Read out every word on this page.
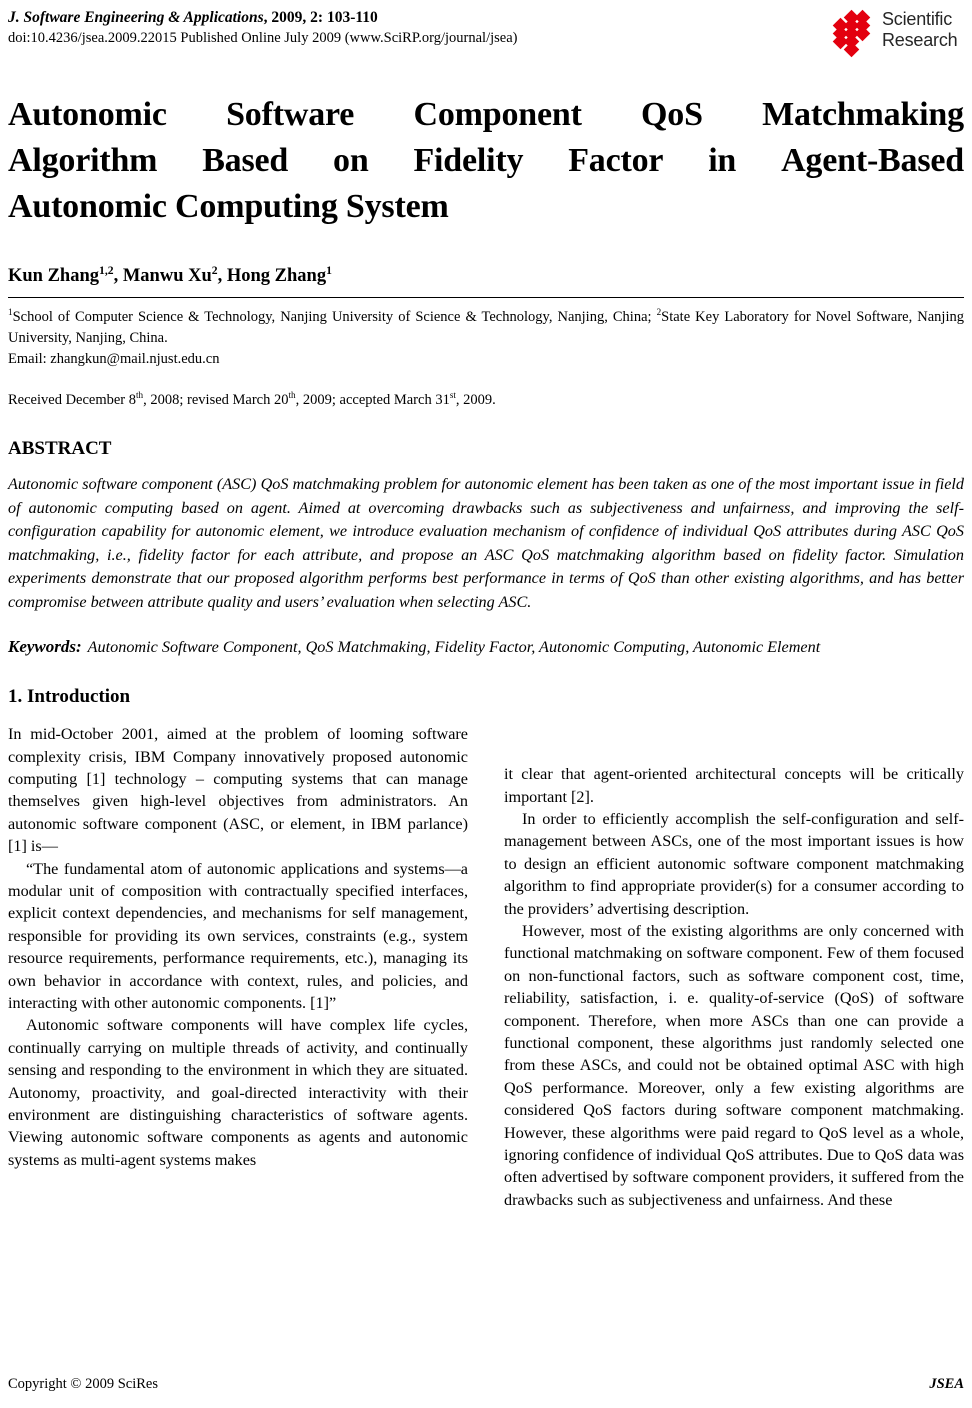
J. Software Engineering & Applications, 2009, 2: 103-110
doi:10.4236/jsea.2009.22015 Published Online July 2009 (www.SciRP.org/journal/jsea)
Scientific
Research
Autonomic Software Component QoS Matchmaking
Algorithm Based on Fidelity Factor in Agent-Based
Autonomic Computing System
Kun Zhang$^{1,2}$, Manwu Xu$^2$, Hong Zhang$^1$
$^1$School of Computer Science & Technology, Nanjing University of Science & Technology, Nanjing, China; $^2$State Key Laboratory for Novel Software, Nanjing University, Nanjing, China.
Email: zhangkun@mail.njust.edu.cn
Received December 8th, 2008; revised March 20th, 2009; accepted March 31st, 2009.
ABSTRACT
Autonomic software component (ASC) QoS matchmaking problem for autonomic element has been taken as one of the most important issue in field of autonomic computing based on agent. Aimed at overcoming drawbacks such as subjectiveness and unfairness, and improving the self-configuration capability for autonomic element, we introduce evaluation mechanism of confidence of individual QoS attributes during ASC QoS matchmaking, i.e., fidelity factor for each attribute, and propose an ASC QoS matchmaking algorithm based on fidelity factor. Simulation experiments demonstrate that our proposed algorithm performs best performance in terms of QoS than other existing algorithms, and has better compromise between attribute quality and users’ evaluation when selecting ASC.
Keywords: Autonomic Software Component, QoS Matchmaking, Fidelity Factor, Autonomic Computing, Autonomic Element
1. Introduction

In mid-October 2001, aimed at the problem of looming software complexity crisis, IBM Company innovatively proposed autonomic computing [1] technology – computing systems that can manage themselves given high-level objectives from administrators. An autonomic software component (ASC, or element, in IBM parlance) [1] is—

“The fundamental atom of autonomic applications and systems—a modular unit of composition with contractually specified interfaces, explicit context dependencies, and mechanisms for self management, responsible for providing its own services, constraints (e.g., system resource requirements, performance requirements, etc.), managing its own behavior in accordance with context, rules, and policies, and interacting with other autonomic components. [1]”

Autonomic software components will have complex life cycles, continually carrying on multiple threads of activity, and continually sensing and responding to the environment in which they are situated. Autonomy, proactivity, and goal-directed interactivity with their environment are distinguishing characteristics of software agents. Viewing autonomic software components as agents and autonomic systems as multi-agent systems makes

it clear that agent-oriented architectural concepts will be critically important [2].

In order to efficiently accomplish the self-configuration and self-management between ASCs, one of the most important issues is how to design an efficient autonomic software component matchmaking algorithm to find appropriate provider(s) for a consumer according to the providers’ advertising description.

However, most of the existing algorithms are only concerned with functional matchmaking on software component. Few of them focused on non-functional factors, such as software component cost, time, reliability, satisfaction, i. e. quality-of-service (QoS) of software component. Therefore, when more ASCs than one can provide a functional component, these algorithms just randomly selected one from these ASCs, and could not be obtained optimal ASC with high QoS performance. Moreover, only a few existing algorithms are considered QoS factors during software component matchmaking. However, these algorithms were paid regard to QoS level as a whole, ignoring confidence of individual QoS attributes. Due to QoS data was often advertised by software component providers, it suffered from the drawbacks such as subjectiveness and unfairness. And these

Copyright © 2009 SciRes	JSEA
